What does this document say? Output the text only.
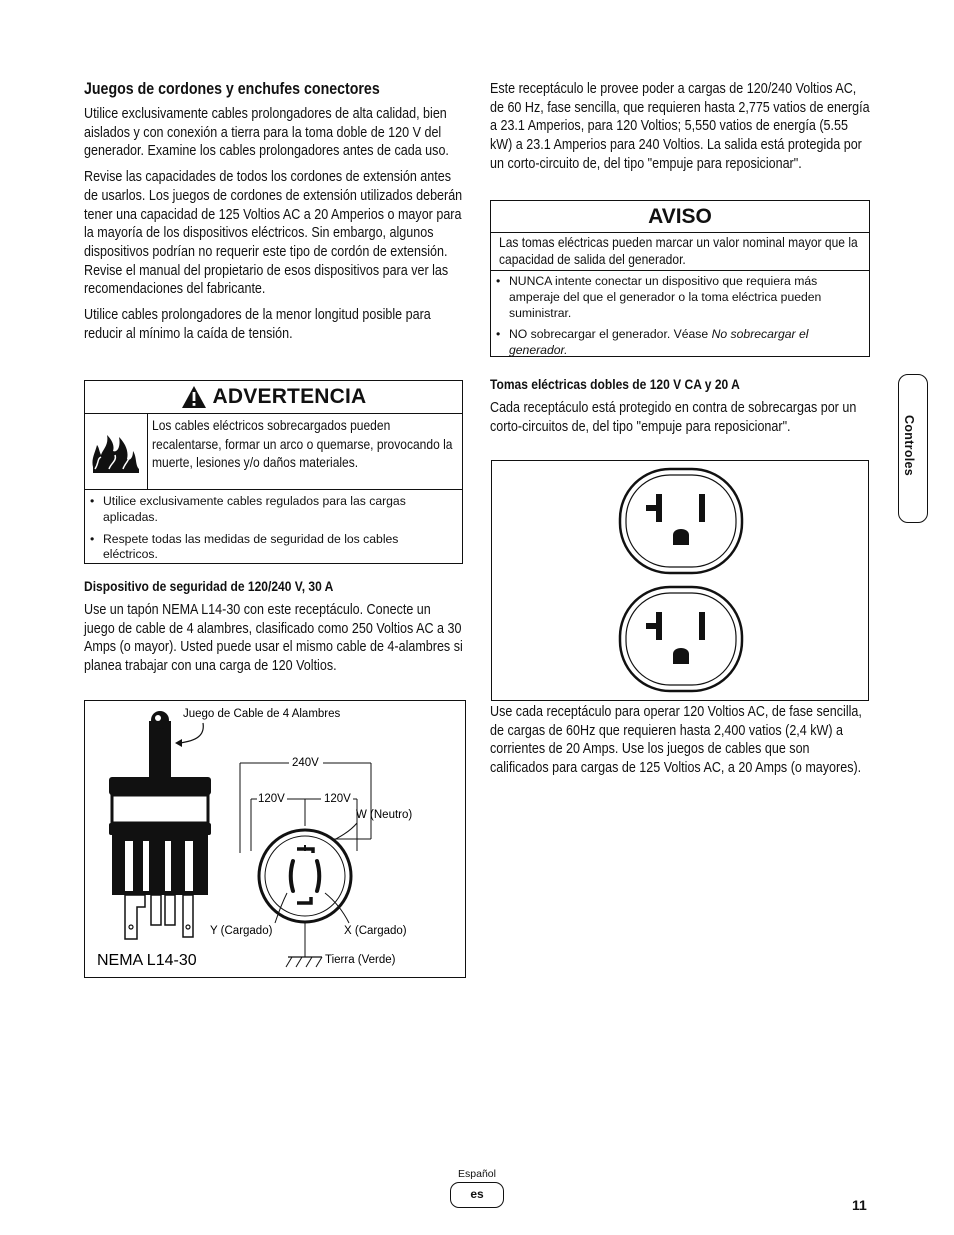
Juegos de cordones y enchufes conectores

Utilice exclusivamente cables prolongadores de alta calidad, bien aislados y con conexión a tierra para la toma doble de 120 V del generador. Examine los cables prolongadores antes de cada uso.

Revise las capacidades de todos los cordones de extensión antes de usarlos. Los juegos de cordones de extensión utilizados deberán tener una capacidad de 125 Voltios AC a 20 Amperios o mayor para la mayoría de los dispositivos eléctricos. Sin embargo, algunos dispositivos podrían no requerir este tipo de cordón de extensión. Revise el manual del propietario de esos dispositivos para ver las recomendaciones del fabricante.

Utilice cables prolongadores de la menor longitud posible para reducir al mínimo la caída de tensión.

ADVERTENCIA
Los cables eléctricos sobrecargados pueden recalentarse, formar un arco o quemarse, provocando la muerte, lesiones y/o daños materiales.
• Utilice exclusivamente cables regulados para las cargas aplicadas.
• Respete todas las medidas de seguridad de los cables eléctricos.
Dispositivo de seguridad de 120/240 V, 30 A

Use un tapón NEMA L14-30 con este receptáculo. Conecte un juego de cable de 4 alambres, clasificado como 250 Voltios AC a 30 Amps (o mayor). Usted puede usar el mismo cable de 4-alambres si planea trabajar con una carga de 120 Voltios.

Juego de Cable de 4 Alambres
240V
120V	120V
W (Neutro)
Y (Cargado)	X (Cargado)
Tierra (Verde)
NEMA L14-30

Este receptáculo le provee poder a cargas de 120/240 Voltios AC, de 60 Hz, fase sencilla, que requieren hasta 2,775 vatios de energía a 23.1 Amperios, para 120 Voltios; 5,550 vatios de energía (5.55 kW) a 23.1 Amperios para 240 Voltios. La salida está protegida por un corto-circuito de, del tipo "empuje para reposicionar".

AVISO
Las tomas eléctricas pueden marcar un valor nominal mayor que la capacidad de salida del generador.
• NUNCA intente conectar un dispositivo que requiera más amperaje del que el generador o la toma eléctrica pueden suministrar.
• NO sobrecargar el generador. Véase No sobrecargar el generador.
Tomas eléctricas dobles de 120 V CA y 20 A

Cada receptáculo está protegido en contra de sobrecargas por un corto-circuitos de, del tipo "empuje para reposicionar".

Use cada receptáculo para operar 120 Voltios AC, de fase sencilla, de cargas de 60Hz que requieren hasta 2,400 vatios (2,4 kW) a corrientes de 20 Amps. Use los juegos de cables que son calificados para cargas de 125 Voltios AC, a 20 Amps (o mayores).

Controles
Español
es
11
